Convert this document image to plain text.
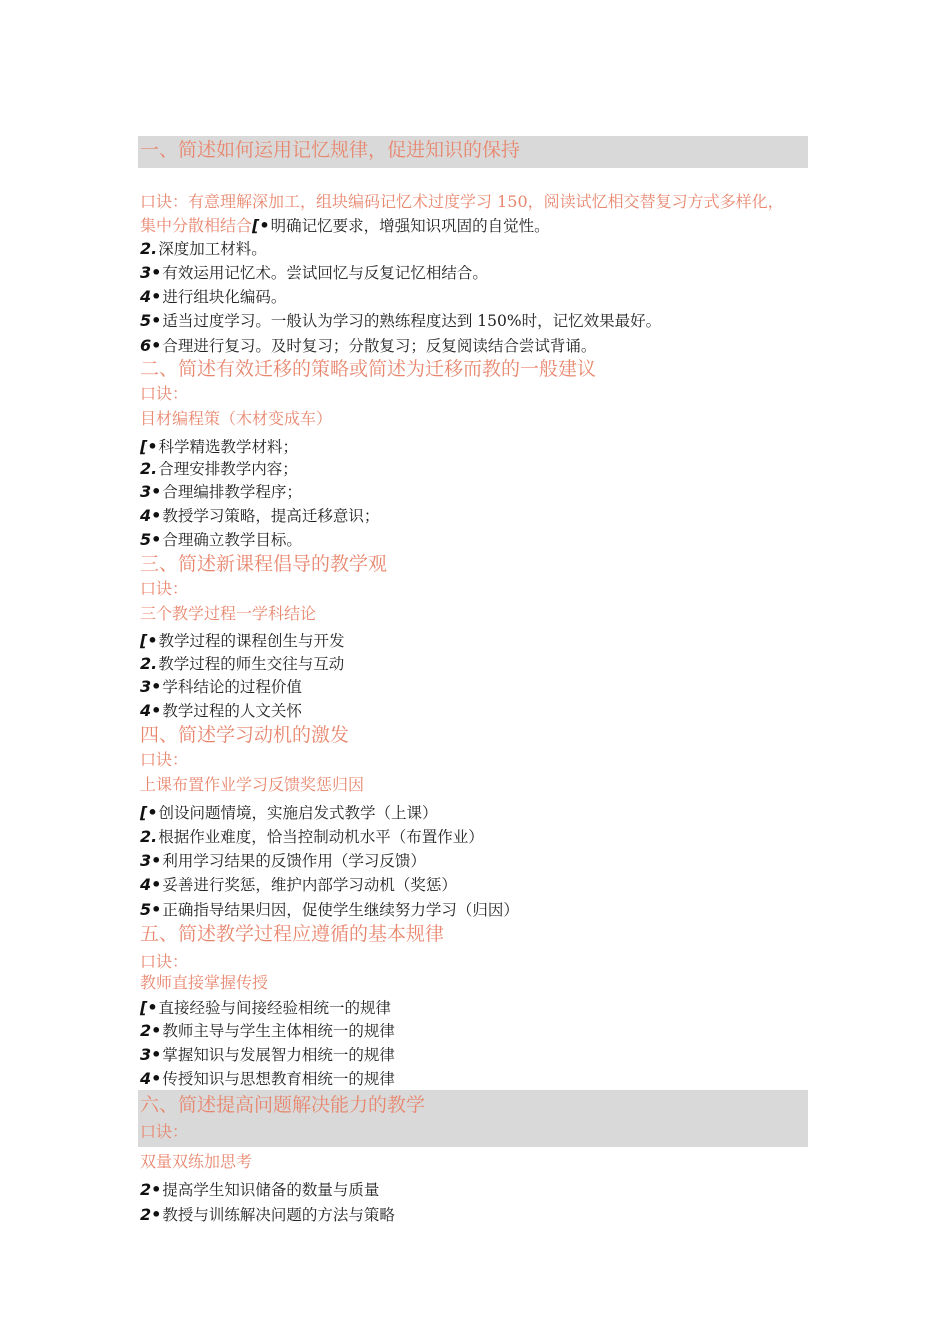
一、简述如何运用记忆规律，促进知识的保持
口诀：有意理解深加工，组块编码记忆术过度学习 150，阅读试忆相交替复习方式多样化，
集中分散相结合[•明确记忆要求，增强知识巩固的自觉性。
2.深度加工材料。
3•有效运用记忆术。尝试回忆与反复记忆相结合。
4•进行组块化编码。
5•适当过度学习。一般认为学习的熟练程度达到 150%时，记忆效果最好。
6•合理进行复习。及时复习；分散复习；反复阅读结合尝试背诵。
二、简述有效迁移的策略或简述为迁移而教的一般建议
口诀：
目材编程策（木材变成车）
[•科学精选教学材料；
2.合理安排教学内容；
3•合理编排教学程序；
4•教授学习策略，提高迁移意识；
5•合理确立教学目标。
三、简述新课程倡导的教学观
口诀：
三个教学过程一学科结论
[•教学过程的课程创生与开发
2.教学过程的师生交往与互动
3•学科结论的过程价值
4•教学过程的人文关怀
四、简述学习动机的激发
口诀：
上课布置作业学习反馈奖惩归因
[•创设问题情境，实施启发式教学（上课）
2.根据作业难度，恰当控制动机水平（布置作业）
3•利用学习结果的反馈作用（学习反馈）
4•妥善进行奖惩，维护内部学习动机（奖惩）
5•正确指导结果归因，促使学生继续努力学习（归因）
五、简述教学过程应遵循的基本规律
口诀：
教师直接掌握传授
[•直接经验与间接经验相统一的规律
2•教师主导与学生主体相统一的规律
3•掌握知识与发展智力相统一的规律
4•传授知识与思想教育相统一的规律
六、简述提高问题解决能力的教学
口诀：
双量双练加思考
2•提高学生知识储备的数量与质量
2•教授与训练解决问题的方法与策略
